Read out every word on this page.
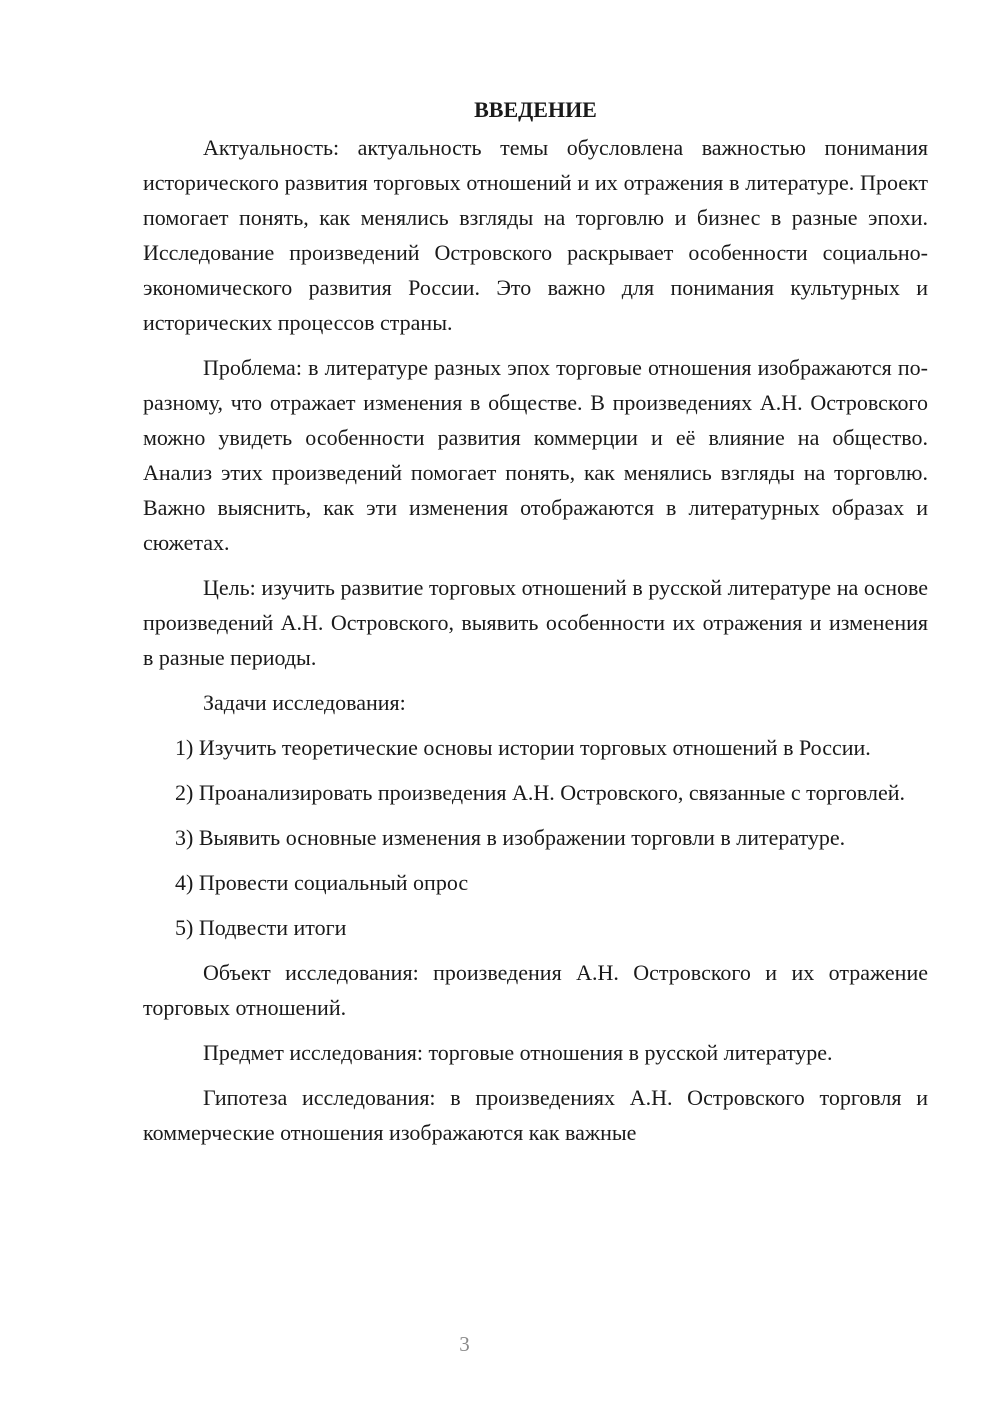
ВВЕДЕНИЕ

Актуальность: актуальность темы обусловлена важностью понимания исторического развития торговых отношений и их отражения в литературе. Проект помогает понять, как менялись взгляды на торговлю и бизнес в разные эпохи. Исследование произведений Островского раскрывает особенности социально-экономического развития России. Это важно для понимания культурных и исторических процессов страны.

Проблема: в литературе разных эпох торговые отношения изображаются по-разному, что отражает изменения в обществе. В произведениях А.Н. Островского можно увидеть особенности развития коммерции и её влияние на общество. Анализ этих произведений помогает понять, как менялись взгляды на торговлю. Важно выяснить, как эти изменения отображаются в литературных образах и сюжетах.

Цель: изучить развитие торговых отношений в русской литературе на основе произведений А.Н. Островского, выявить особенности их отражения и изменения в разные периоды.

Задачи исследования:

1) Изучить теоретические основы истории торговых отношений в России.

2) Проанализировать произведения А.Н. Островского, связанные с торговлей.

3) Выявить основные изменения в изображении торговли в литературе.

4) Провести социальный опрос

5) Подвести итоги

Объект исследования: произведения А.Н. Островского и их отражение торговых отношений.

Предмет исследования: торговые отношения в русской литературе.

Гипотеза исследования: в произведениях А.Н. Островского торговля и коммерческие отношения изображаются как важные

3
